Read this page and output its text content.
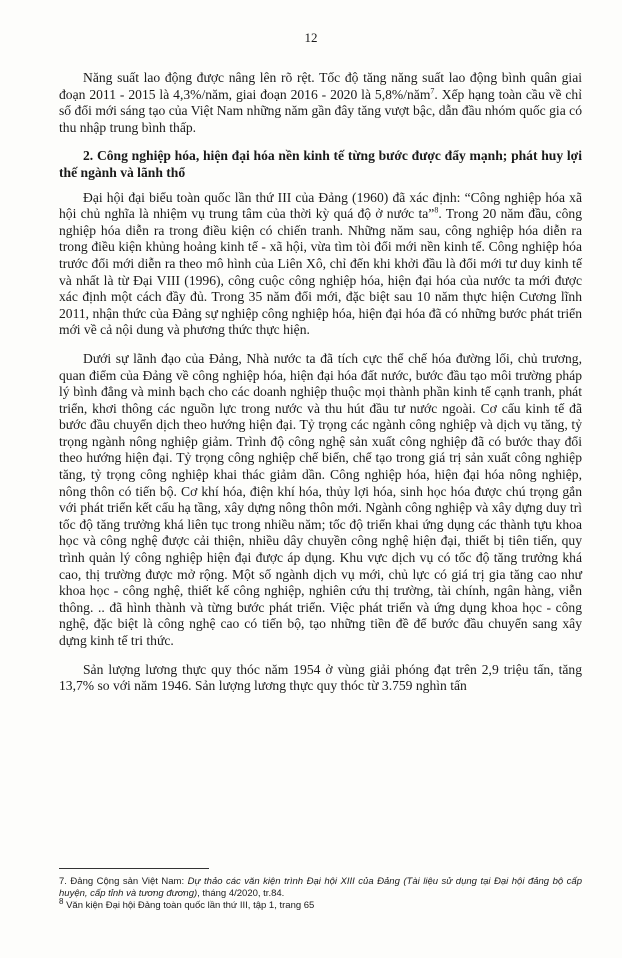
12

Năng suất lao động được nâng lên rõ rệt. Tốc độ tăng năng suất lao động bình quân giai đoạn 2011 - 2015 là 4,3%/năm, giai đoạn 2016 - 2020 là 5,8%/năm$^7$. Xếp hạng toàn cầu về chỉ số đổi mới sáng tạo của Việt Nam những năm gần đây tăng vượt bậc, dẫn đầu nhóm quốc gia có thu nhập trung bình thấp.

2. Công nghiệp hóa, hiện đại hóa nền kinh tế từng bước được đẩy mạnh; phát huy lợi thế ngành và lãnh thổ

Đại hội đại biểu toàn quốc lần thứ III của Đảng (1960) đã xác định: “Công nghiệp hóa xã hội chủ nghĩa là nhiệm vụ trung tâm của thời kỳ quá độ ở nước ta”$^8$. Trong 20 năm đầu, công nghiệp hóa diễn ra trong điều kiện có chiến tranh. Những năm sau, công nghiệp hóa diễn ra trong điều kiện khủng hoảng kinh tế - xã hội, vừa tìm tòi đổi mới nền kinh tế. Công nghiệp hóa trước đổi mới diễn ra theo mô hình của Liên Xô, chỉ đến khi khởi đầu là đổi mới tư duy kinh tế và nhất là từ Đại VIII (1996), công cuộc công nghiệp hóa, hiện đại hóa của nước ta mới được xác định một cách đầy đủ. Trong 35 năm đổi mới, đặc biệt sau 10 năm thực hiện Cương lĩnh 2011, nhận thức của Đảng sự nghiệp công nghiệp hóa, hiện đại hóa đã có những bước phát triển mới về cả nội dung và phương thức thực hiện.

Dưới sự lãnh đạo của Đảng, Nhà nước ta đã tích cực thể chế hóa đường lối, chủ trương, quan điểm của Đảng về công nghiệp hóa, hiện đại hóa đất nước, bước đầu tạo môi trường pháp lý bình đẳng và minh bạch cho các doanh nghiệp thuộc mọi thành phần kinh tế cạnh tranh, phát triển, khơi thông các nguồn lực trong nước và thu hút đầu tư nước ngoài. Cơ cấu kinh tế đã bước đầu chuyển dịch theo hướng hiện đại. Tỷ trọng các ngành công nghiệp và dịch vụ tăng, tỷ trọng ngành nông nghiệp giảm. Trình độ công nghệ sản xuất công nghiệp đã có bước thay đổi theo hướng hiện đại. Tỷ trọng công nghiệp chế biến, chế tạo trong giá trị sản xuất công nghiệp tăng, tỷ trọng công nghiệp khai thác giảm dần. Công nghiệp hóa, hiện đại hóa nông nghiệp, nông thôn có tiến bộ. Cơ khí hóa, điện khí hóa, thủy lợi hóa, sinh học hóa được chú trọng gắn với phát triển kết cấu hạ tầng, xây dựng nông thôn mới. Ngành công nghiệp và xây dựng duy trì tốc độ tăng trưởng khá liên tục trong nhiều năm; tốc độ triển khai ứng dụng các thành tựu khoa học và công nghệ được cải thiện, nhiều dây chuyền công nghệ hiện đại, thiết bị tiên tiến, quy trình quản lý công nghiệp hiện đại được áp dụng. Khu vực dịch vụ có tốc độ tăng trưởng khá cao, thị trường được mở rộng. Một số ngành dịch vụ mới, chủ lực có giá trị gia tăng cao như khoa học - công nghệ, thiết kế công nghiệp, nghiên cứu thị trường, tài chính, ngân hàng, viễn thông. .. đã hình thành và từng bước phát triển. Việc phát triển và ứng dụng khoa học - công nghệ, đặc biệt là công nghệ cao có tiến bộ, tạo những tiền đề để bước đầu chuyển sang xây dựng kinh tế tri thức.

Sản lượng lương thực quy thóc năm 1954 ở vùng giải phóng đạt trên 2,9 triệu tấn, tăng 13,7% so với năm 1946. Sản lượng lương thực quy thóc từ 3.759 nghìn tấn

7. Đảng Cộng sản Việt Nam: Dự thảo các văn kiện trình Đại hội XIII của Đảng (Tài liệu sử dụng tại Đại hội đảng bộ cấp huyện, cấp tỉnh và tương đương), tháng 4/2020, tr.84.
$^8$ Văn kiện Đại hội Đảng toàn quốc lần thứ III, tập 1, trang 65
